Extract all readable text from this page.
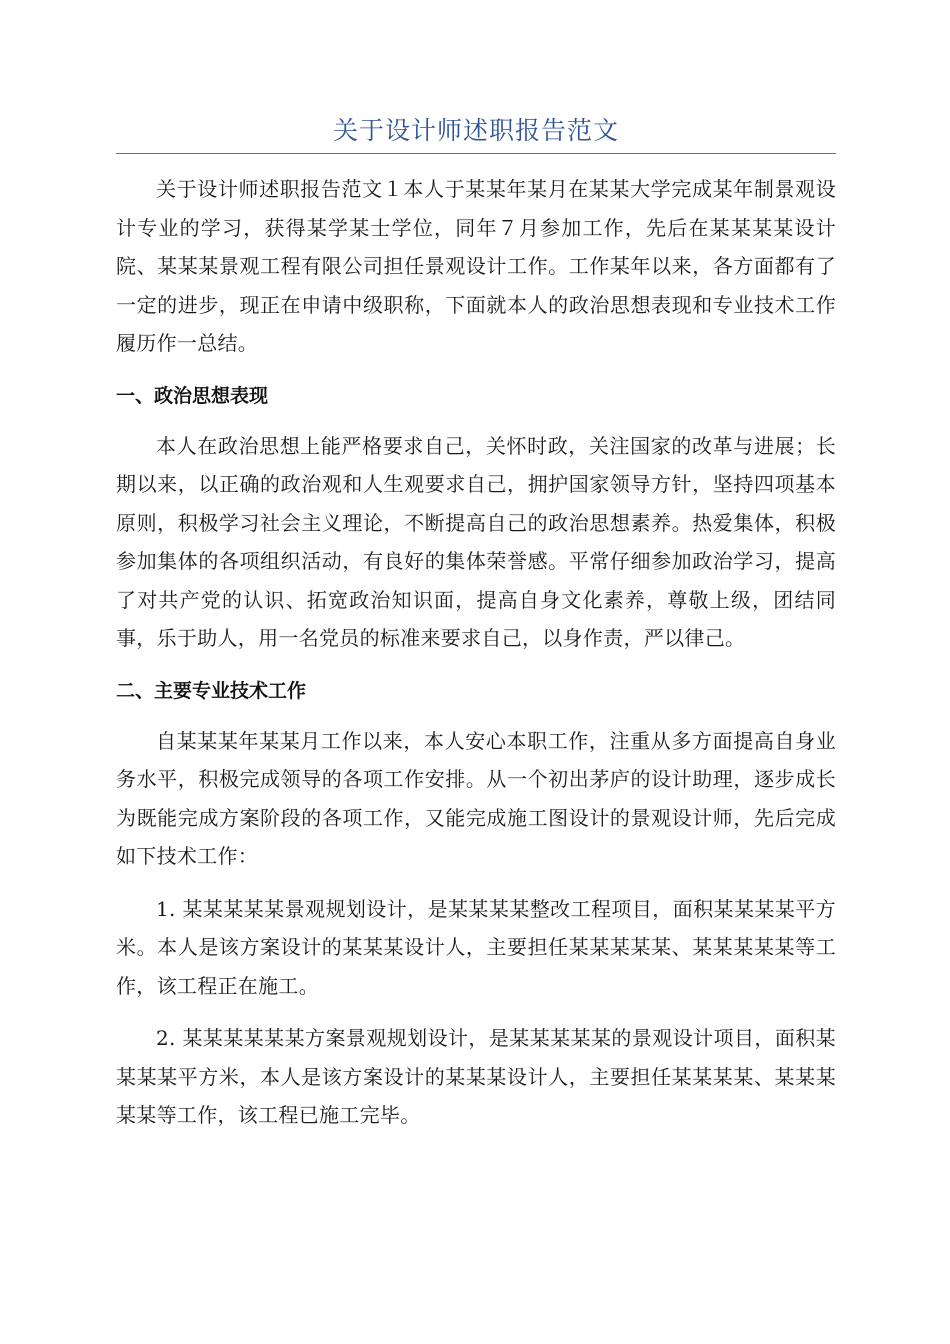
关于设计师述职报告范文

关于设计师述职报告范文１本人于某某年某月在某某大学完成某年制景观设计专业的学习，获得某学某士学位，同年７月参加工作，先后在某某某某设计院、某某某景观工程有限公司担任景观设计工作。工作某年以来，各方面都有了一定的进步，现正在申请中级职称，下面就本人的政治思想表现和专业技术工作履历作一总结。

一、政治思想表现

本人在政治思想上能严格要求自己，关怀时政，关注国家的改革与进展；长期以来，以正确的政治观和人生观要求自己，拥护国家领导方针，坚持四项基本原则，积极学习社会主义理论，不断提高自己的政治思想素养。热爱集体，积极参加集体的各项组织活动，有良好的集体荣誉感。平常仔细参加政治学习，提高了对共产党的认识、拓宽政治知识面，提高自身文化素养，尊敬上级，团结同事，乐于助人，用一名党员的标准来要求自己，以身作责，严以律己。

二、主要专业技术工作

自某某某年某某月工作以来，本人安心本职工作，注重从多方面提高自身业务水平，积极完成领导的各项工作安排。从一个初出茅庐的设计助理，逐步成长为既能完成方案阶段的各项工作，又能完成施工图设计的景观设计师，先后完成如下技术工作：

1. 某某某某某景观规划设计，是某某某某整改工程项目，面积某某某某平方米。本人是该方案设计的某某某设计人，主要担任某某某某某、某某某某某等工作，该工程正在施工。

2. 某某某某某某方案景观规划设计，是某某某某某的景观设计项目，面积某某某某平方米，本人是该方案设计的某某某设计人，主要担任某某某某、某某某某某等工作，该工程已施工完毕。
